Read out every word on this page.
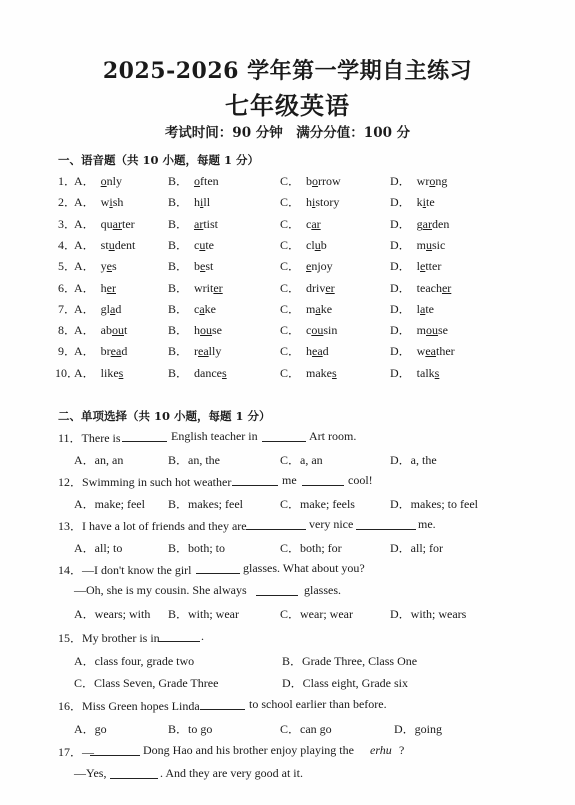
2025-2026 学年第一学期自主练习
七年级英语
考试时间：90 分钟　满分分值：100 分
一、语音题（共 10 小题，每题 1 分）
1．
A． only	B． often	C． borrow	D． wrong
2．
A． wish	B． hill	C． history	D． kite
3．
A． quarter	B． artist	C． car	D． garden
4．
A． student	B． cute	C． club	D． music
5．
A． yes	B． best	C． enjoy	D． letter
6．
A． her	B． writer	C． driver	D． teacher
7．
A． glad	B． cake	C． make	D． late
8．
A． about	B． house	C． cousin	D． mouse
9．
A． bread	B． really	C． head	D． weather
10．
A． likes	B． dances	C． makes	D． talks
二、单项选择（共 10 小题，每题 1 分）
11．There is	English teacher in	Art room.
A．an, an	B．an, the	C．a, an	D．a, the
12．Swimming in such hot weather	me	cool!
A．make; feel B．makes; feel	C．make; feels	D．makes; to feel
13．I have a lot of friends and they are	very nice	me.
A．all; to	B．both; to	C．both; for	D．all; for
14．—I don't know the girl	glasses. What about you?
—Oh, she is my cousin. She always	glasses.
A．wears; with B．with; wear	C．wear; wear	D．with; wears
15．My brother is in	.
A．class four, grade two	B．Grade Three, Class One
C．Class Seven, Grade Three	D．Class eight, Grade six
16．Miss Green hopes Linda	to school earlier than before.
A．go	B．to go	C．can go	D．going
17．—	Dong Hao and his brother enjoy playing the erhu ?
—Yes,	. And they are very good at it.
